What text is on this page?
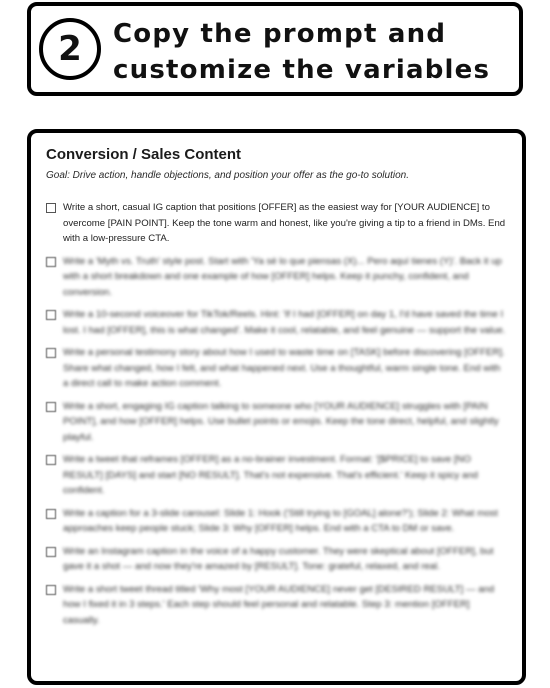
2	Copy the prompt and customize the variables
Conversion / Sales Content
Goal: Drive action, handle objections, and position your offer as the go-to solution.
Write a short, casual IG caption that positions [OFFER] as the easiest way for [YOUR AUDIENCE] to overcome [PAIN POINT]. Keep the tone warm and honest, like you're giving a tip to a friend in DMs. End with a low-pressure CTA.
Write a 'Myth vs. Truth' style post. Start with 'Ya sé lo que piensas (X)... Pero aquí tienes (Y)'. Back it up with a short breakdown and one example of how [OFFER] helps. Keep it punchy, confident, and conversion.
Write a 10-second voiceover for TikTok/Reels. Hint: 'If I had [OFFER] on day 1, I'd have saved the time I lost. I had [OFFER], this is what changed'. Make it cool, relatable, and feel genuine — support the value.
Write a personal testimony story about how I used to waste time on [TASK] before discovering [OFFER]. Share what changed, how I felt, and what happened next. Use a thoughtful, warm single tone. End with a direct call to make action comment.
Write a short, engaging IG caption talking to someone who [YOUR AUDIENCE] struggles with [PAIN POINT], and how [OFFER] helps. Use bullet points or emojis. Keep the tone direct, helpful, and slightly playful.
Write a tweet that reframes [OFFER] as a no-brainer investment. Format: '[$PRICE] to save [NO RESULT] [DAYS] and start [NO RESULT]. That's not expensive. That's efficient.' Keep it spicy and confident.
Write a caption for a 3-slide carousel: Slide 1: Hook ('Still trying to [GOAL] alone?'); Slide 2: What most approaches keep people stuck; Slide 3: Why [OFFER] helps. End with a CTA to DM or save.
Write an Instagram caption in the voice of a happy customer. They were skeptical about [OFFER], but gave it a shot — and now they're amazed by [RESULT]. Tone: grateful, relaxed, and real.
Write a short tweet thread titled 'Why most [YOUR AUDIENCE] never get [DESIRED RESULT] — and how I fixed it in 3 steps.' Each step should feel personal and relatable. Step 3: mention [OFFER] casually.
